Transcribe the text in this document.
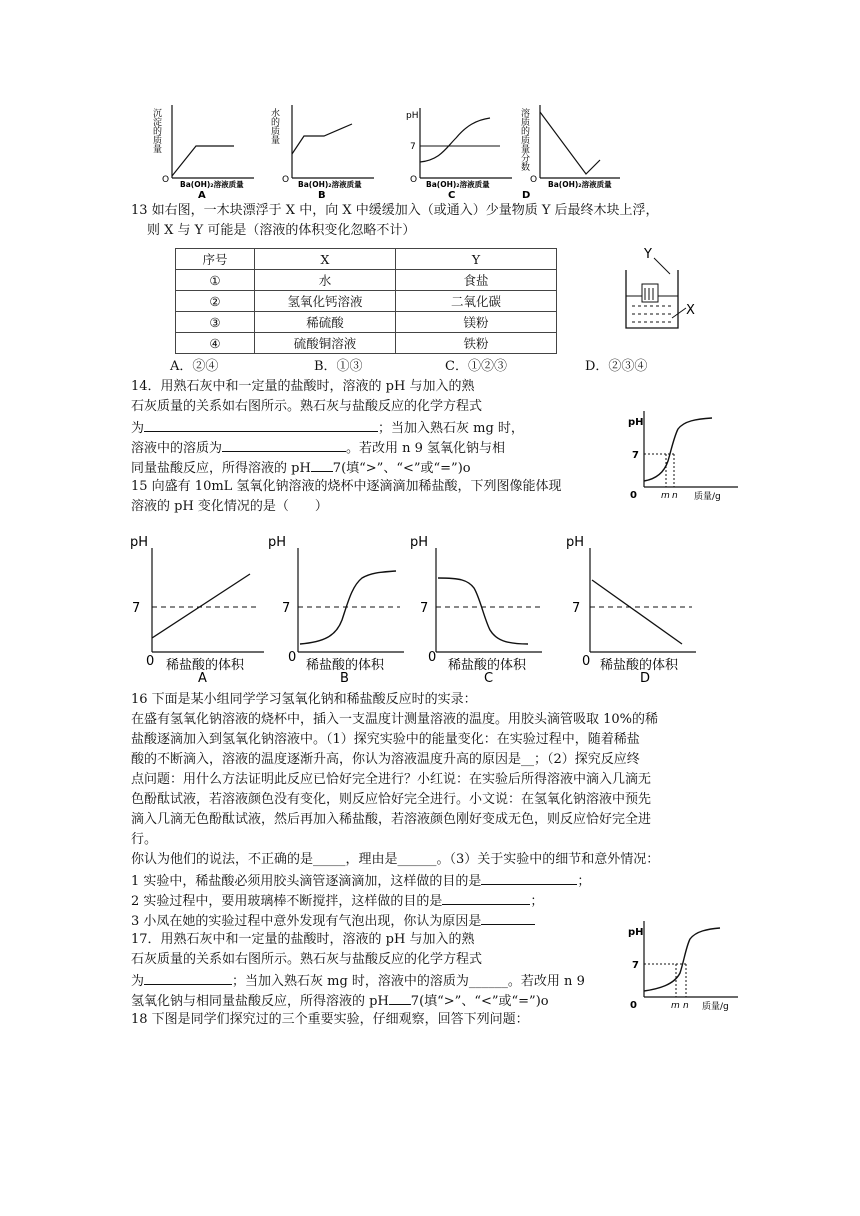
沉淀的质量
O Ba(OH)₂溶液质量
A
水的质量
O Ba(OH)₂溶液质量
B
pH
7
O Ba(OH)₂溶液质量
C
溶质的质量分数
O Ba(OH)₂溶液质量
D
13 如右图，一木块漂浮于 X 中，向 X 中缓缓加入（或通入）少量物质 Y 后最终木块上浮，
则 X 与 Y 可能是（溶液的体积变化忽略不计）
序号	X	Y
①	水	食盐
②	氢氧化钙溶液	二氧化碳
③	稀硫酸	镁粉
④	硫酸铜溶液	铁粉
Y
X
A．②④	B．①③	C．①②③	D．②③④
14．用熟石灰中和一定量的盐酸时，溶液的 pH 与加入的熟
石灰质量的关系如右图所示。熟石灰与盐酸反应的化学方程式
为	；当加入熟石灰 mg 时，
溶液中的溶质为	。若改用 n 9 氢氧化钠与相
同量盐酸反应，所得溶液的 pH 7(填“>”、“<”或“=”)o
pH
7
0	m n 质量/g
15 向盛有 10mL 氢氧化钠溶液的烧杯中逐滴滴加稀盐酸，下列图像能体现
溶液的 pH 变化情况的是（　　）
pH
7
0 稀盐酸的体积
A
pH
7
0
稀盐酸的体积
B
pH
7
0
稀盐酸的体积
C
pH
7
0 稀盐酸的体积
D
16 下面是某小组同学学习氢氧化钠和稀盐酸反应时的实录：
在盛有氢氧化钠溶液的烧杯中，插入一支温度计测量溶液的温度。用胶头滴管吸取 10%的稀
盐酸逐滴加入到氢氧化钠溶液中。（1）探究实验中的能量变化：在实验过程中，随着稀盐
酸的不断滴入，溶液的温度逐渐升高，你认为溶液温度升高的原因是__；（2）探究反应终
点问题：用什么方法证明此反应已恰好完全进行？小红说：在实验后所得溶液中滴入几滴无
色酚酞试液，若溶液颜色没有变化，则反应恰好完全进行。小文说：在氢氧化钠溶液中预先
滴入几滴无色酚酞试液，然后再加入稀盐酸，若溶液颜色刚好变成无色，则反应恰好完全进
行。
你认为他们的说法，不正确的是_____，理由是______。（3）关于实验中的细节和意外情况：
1 实验中，稀盐酸必须用胶头滴管逐滴滴加，这样做的目的是	；
2 实验过程中，要用玻璃棒不断搅拌，这样做的目的是	；
3 小凤在她的实验过程中意外发现有气泡出现，你认为原因是
17．用熟石灰中和一定量的盐酸时，溶液的 pH 与加入的熟
石灰质量的关系如右图所示。熟石灰与盐酸反应的化学方程式
为	；当加入熟石灰 mg 时，溶液中的溶质为______。若改用 n 9
氢氧化钠与相同量盐酸反应，所得溶液的 pH 7(填“>”、“<”或“=”)o
pH
7
0	m n 质量/g
18 下图是同学们探究过的三个重要实验，仔细观察，回答下列问题：
